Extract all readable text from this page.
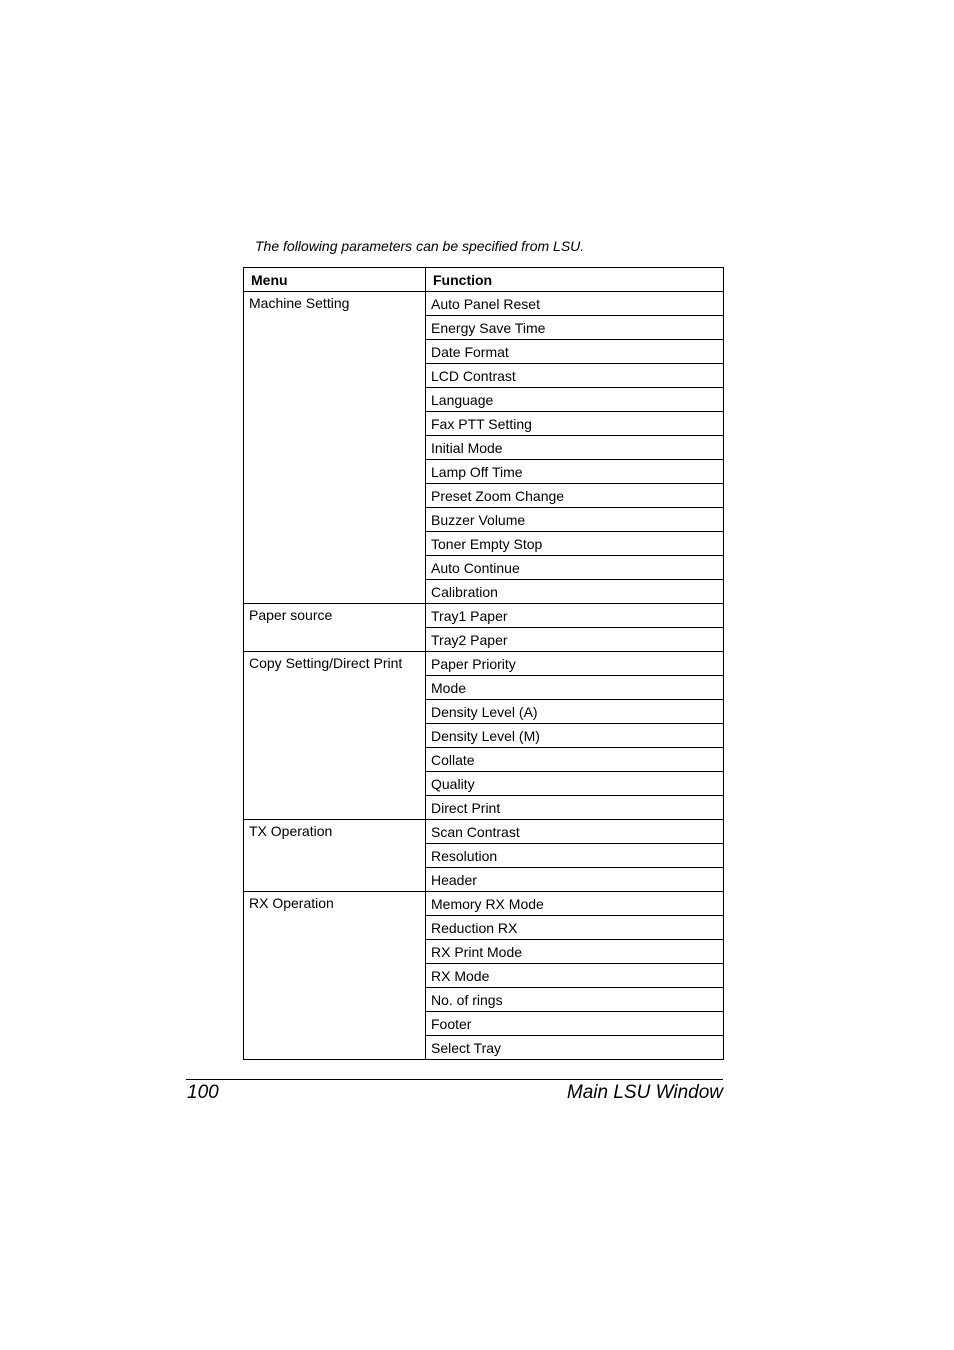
The following parameters can be specified from LSU.
Menu	Function
Machine Setting	Auto Panel Reset
	Energy Save Time
	Date Format
	LCD Contrast
	Language
	Fax PTT Setting
	Initial Mode
	Lamp Off Time
	Preset Zoom Change
	Buzzer Volume
	Toner Empty Stop
	Auto Continue
	Calibration
Paper source	Tray1 Paper
	Tray2 Paper
Copy Setting/Direct Print	Paper Priority
	Mode
	Density Level (A)
	Density Level (M)
	Collate
	Quality
	Direct Print
TX Operation	Scan Contrast
	Resolution
	Header
RX Operation	Memory RX Mode
	Reduction RX
	RX Print Mode
	RX Mode
	No. of rings
	Footer
	Select Tray
100	Main LSU Window
